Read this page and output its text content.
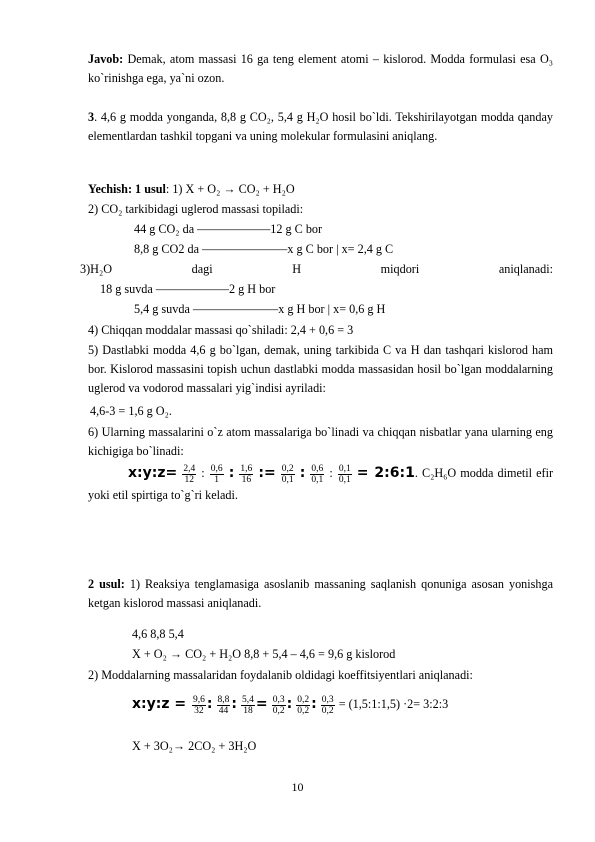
Javob: Demak, atom massasi 16 ga teng element atomi – kislorod. Modda formulasi esa O₃ ko`rinishga ega, ya`ni ozon.
3. 4,6 g modda yonganda, 8,8 g CO₂, 5,4 g H₂O hosil bo`ldi. Tekshirilayotgan modda qanday elementlardan tashkil topgani va uning molekular formulasini aniqlang.
Yechish: 1 usul: 1) X + O₂ → CO₂ + H₂O
2) CO₂ tarkibidagi uglerod massasi topiladi:
44 g CO₂ da ——————12 g C bor
8,8 g CO2 da ———————x g C bor | x= 2,4 g C
3)H₂O	dagi	H	miqdori	aniqlanadi:
18 g suvda ——————2 g H bor
5,4 g suvda ———————x g H bor | x= 0,6 g H
4) Chiqqan moddalar massasi qo`shiladi: 2,4 + 0,6 = 3
5) Dastlabki modda 4,6 g bo`lgan, demak, uning tarkibida C va H dan tashqari kislorod ham bor. Kislorod massasini topish uchun dastlabki modda massasidan hosil bo`lgan moddalarning uglerod va vodorod massalari yig`indisi ayriladi:
4,6-3 = 1,6 g O₂.
6) Ularning massalarini o`z atom massalariga bo`linadi va chiqqan nisbatlar yana ularning eng kichigiga bo`linadi:
x:y:z= $\frac{2,4}{12}$ : $\frac{0,6}{1}$ : $\frac{1,6}{16}$ := $\frac{0,2}{0,1}$ : $\frac{0,6}{0,1}$ : $\frac{0,1}{0,1}$ = 2:6:1. C₂H₆O modda dimetil efir yoki etil spirtiga to`g`ri keladi.
2 usul: 1) Reaksiya tenglamasiga asoslanib massaning saqlanish qonuniga asosan yonishga ketgan kislorod massasi aniqlanadi.
4,6 8,8 5,4
X + O₂ → CO₂ + H₂O 8,8 + 5,4 – 4,6 = 9,6 g kislorod
2) Moddalarning massalaridan foydalanib oldidagi koeffitsiyentlari aniqlanadi:
x:y:z = $\frac{9,6}{32}$ : $\frac{8,8}{44}$ : $\frac{5,4}{18} = \frac{0,3}{0,2}$ : $\frac{0,2}{0,2}$ : $\frac{0,3}{0,2}$ = (1,5:1:1,5) ·2= 3:2:3
X + 3O₂→ 2CO₂ + 3H₂O
10
